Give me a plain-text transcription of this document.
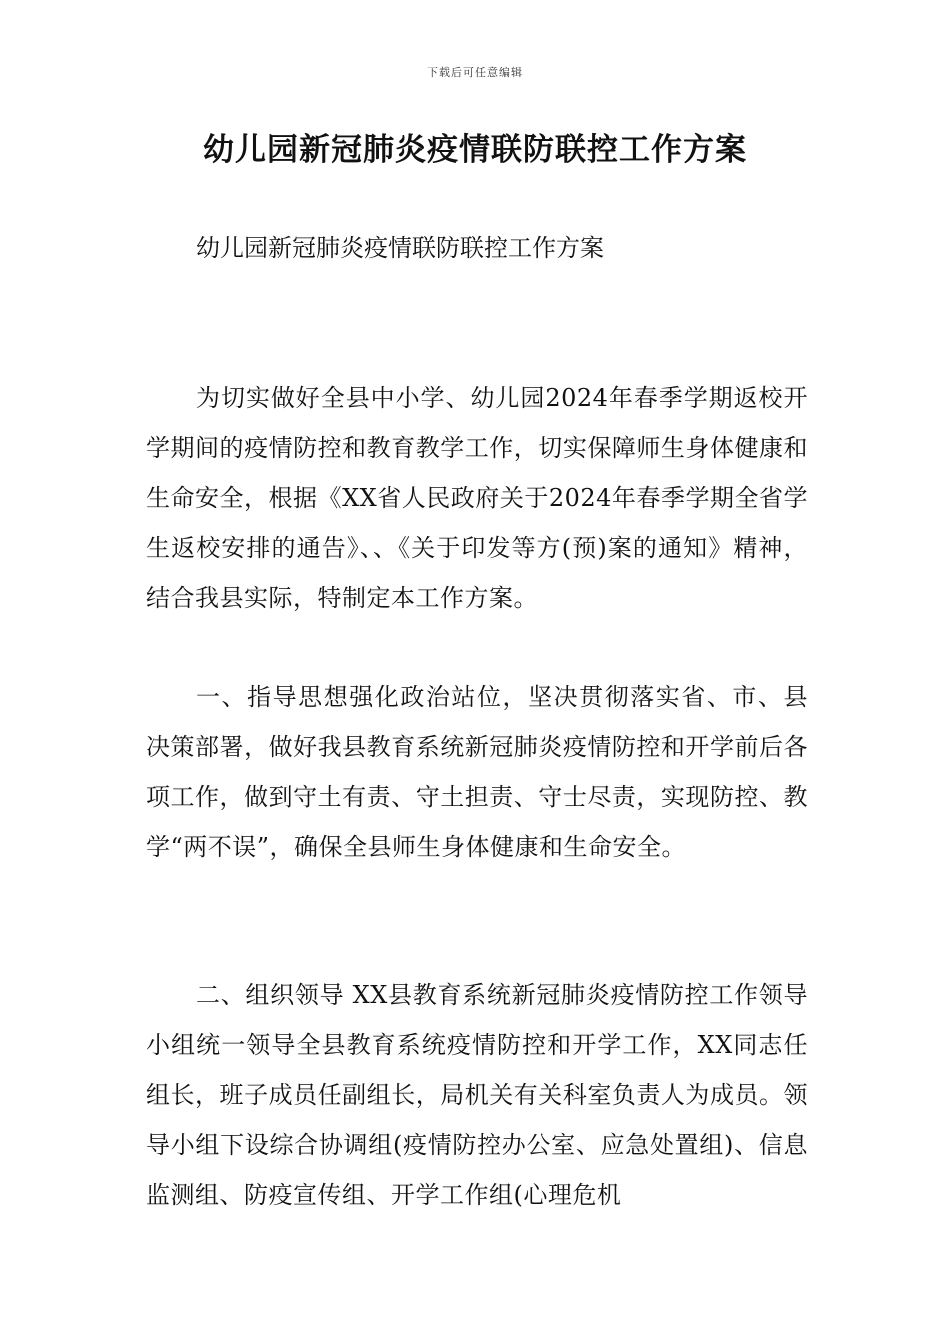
下载后可任意编辑
幼儿园新冠肺炎疫情联防联控工作方案

幼儿园新冠肺炎疫情联防联控工作方案

为切实做好全县中小学、幼儿园2024年春季学期返校开学期间的疫情防控和教育教学工作，切实保障师生身体健康和生命安全，根据《XX省人民政府关于2024年春季学期全省学生返校安排的通告》、、《关于印发等方(预)案的通知》精神，结合我县实际，特制定本工作方案。

一、指导思想强化政治站位，坚决贯彻落实省、市、县决策部署，做好我县教育系统新冠肺炎疫情防控和开学前后各项工作，做到守土有责、守土担责、守士尽责，实现防控、教学“两不误”，确保全县师生身体健康和生命安全。

二、组织领导 XX县教育系统新冠肺炎疫情防控工作领导小组统一领导全县教育系统疫情防控和开学工作，XX同志任组长，班子成员任副组长，局机关有关科室负责人为成员。领导小组下设综合协调组(疫情防控办公室、应急处置组)、信息监测组、防疫宣传组、开学工作组(心理危机
